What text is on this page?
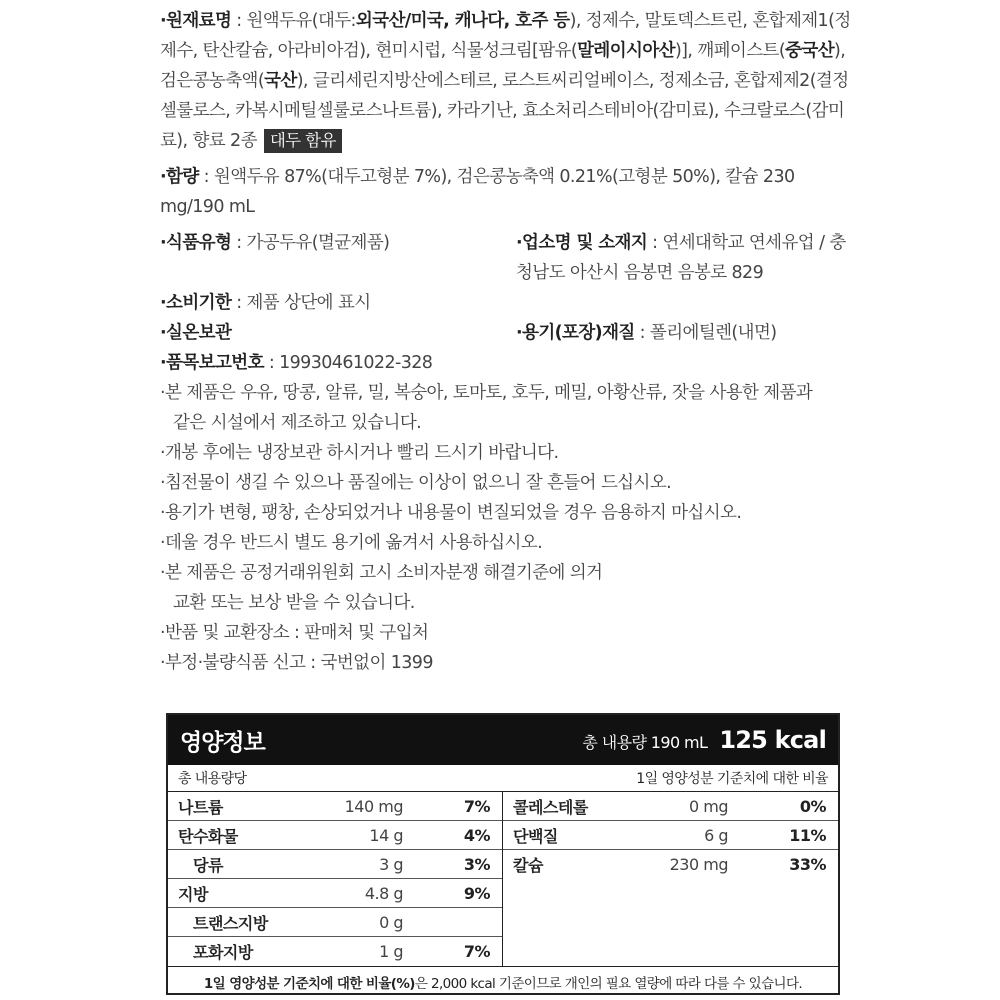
·원재료명 : 원액두유(대두:외국산/미국, 캐나다, 호주 등), 정제수, 말토덱스트린, 혼합제제1(정제수, 탄산칼슘, 아라비아검), 현미시럽, 식물성크림[팜유(말레이시아산)], 깨페이스트(중국산), 검은콩농축액(국산), 글리세린지방산에스테르, 로스트씨리얼베이스, 정제소금, 혼합제제2(결정셀룰로스, 카복시메틸셀룰로스나트륨), 카라기난, 효소처리스테비아(감미료), 수크랄로스(감미료), 향료 2종 대두 함유

·함량 : 원액두유 87%(대두고형분 7%), 검은콩농축액 0.21%(고형분 50%), 칼슘 230 mg/190 mL

·식품유형 : 가공두유(멸균제품)	·업소명 및 소재지 : 연세대학교 연세유업 / 충청남도 아산시 음봉면 음봉로 829
·소비기한 : 제품 상단에 표시
·실온보관	·용기(포장)재질 : 폴리에틸렌(내면)

·품목보고번호 : 19930461022-328

·본 제품은 우유, 땅콩, 알류, 밀, 복숭아, 토마토, 호두, 메밀, 아황산류, 잣을 사용한 제품과

같은 시설에서 제조하고 있습니다.

·개봉 후에는 냉장보관 하시거나 빨리 드시기 바랍니다.

·침전물이 생길 수 있으나 품질에는 이상이 없으니 잘 흔들어 드십시오.

·용기가 변형, 팽창, 손상되었거나 내용물이 변질되었을 경우 음용하지 마십시오.

·데울 경우 반드시 별도 용기에 옮겨서 사용하십시오.

·본 제품은 공정거래위원회 고시 소비자분쟁 해결기준에 의거

교환 또는 보상 받을 수 있습니다.

·반품 및 교환장소 : 판매처 및 구입처

·부정·불량식품 신고 : 국번없이 1399

영양정보	총 내용량 190 mL 125 kcal
총 내용량당	1일 영양성분 기준치에 대한 비율
나트륨	140 mg	7%
탄수화물	14 g	4%
당류	3 g	3%
지방	4.8 g	9%
트랜스지방	0 g
포화지방	1 g	7%
콜레스테롤	0 mg	0%
단백질	6 g	11%
칼슘	230 mg	33%
1일 영양성분 기준치에 대한 비율(%) 은 2,000 kcal 기준이므로 개인의 필요 열량에 따라 다를 수 있습니다.
